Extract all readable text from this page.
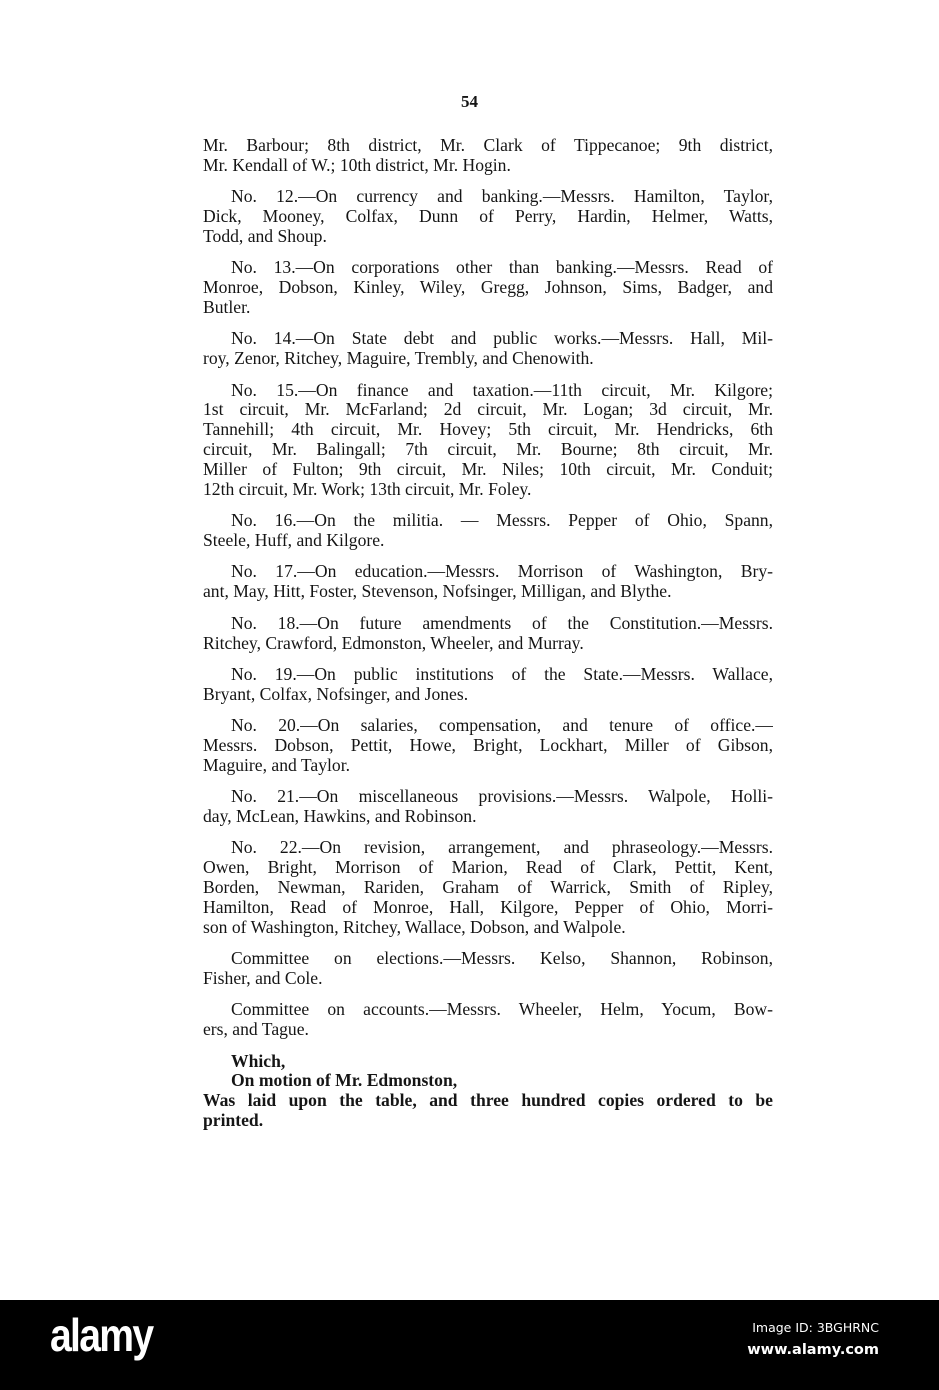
54
Mr. Barbour; 8th district, Mr. Clark of Tippecanoe; 9th district,
Mr. Kendall of W.; 10th district, Mr. Hogin.
No. 12.—On currency and banking.—Messrs. Hamilton, Taylor,
Dick, Mooney, Colfax, Dunn of Perry, Hardin, Helmer, Watts,
Todd, and Shoup.
No. 13.—On corporations other than banking.—Messrs. Read of
Monroe, Dobson, Kinley, Wiley, Gregg, Johnson, Sims, Badger, and
Butler.
No. 14.—On State debt and public works.—Messrs. Hall, Mil-
roy, Zenor, Ritchey, Maguire, Trembly, and Chenowith.
No. 15.—On finance and taxation.—11th circuit, Mr. Kilgore;
1st circuit, Mr. McFarland; 2d circuit, Mr. Logan; 3d circuit, Mr.
Tannehill; 4th circuit, Mr. Hovey; 5th circuit, Mr. Hendricks, 6th
circuit, Mr. Balingall; 7th circuit, Mr. Bourne; 8th circuit, Mr.
Miller of Fulton; 9th circuit, Mr. Niles; 10th circuit, Mr. Conduit;
12th circuit, Mr. Work; 13th circuit, Mr. Foley.
No. 16.—On the militia. — Messrs. Pepper of Ohio, Spann,
Steele, Huff, and Kilgore.
No. 17.—On education.—Messrs. Morrison of Washington, Bry-
ant, May, Hitt, Foster, Stevenson, Nofsinger, Milligan, and Blythe.
No. 18.—On future amendments of the Constitution.—Messrs.
Ritchey, Crawford, Edmonston, Wheeler, and Murray.
No. 19.—On public institutions of the State.—Messrs. Wallace,
Bryant, Colfax, Nofsinger, and Jones.
No. 20.—On salaries, compensation, and tenure of office.—
Messrs. Dobson, Pettit, Howe, Bright, Lockhart, Miller of Gibson,
Maguire, and Taylor.
No. 21.—On miscellaneous provisions.—Messrs. Walpole, Holli-
day, McLean, Hawkins, and Robinson.
No. 22.—On revision, arrangement, and phraseology.—Messrs.
Owen, Bright, Morrison of Marion, Read of Clark, Pettit, Kent,
Borden, Newman, Rariden, Graham of Warrick, Smith of Ripley,
Hamilton, Read of Monroe, Hall, Kilgore, Pepper of Ohio, Morri-
son of Washington, Ritchey, Wallace, Dobson, and Walpole.
Committee on elections.—Messrs. Kelso, Shannon, Robinson,
Fisher, and Cole.
Committee on accounts.—Messrs. Wheeler, Helm, Yocum, Bow-
ers, and Tague.
Which,
On motion of Mr. Edmonston,
Was laid upon the table, and three hundred copies ordered to be
printed.
alamy	Image ID: 3BGHRNC
www.alamy.com
